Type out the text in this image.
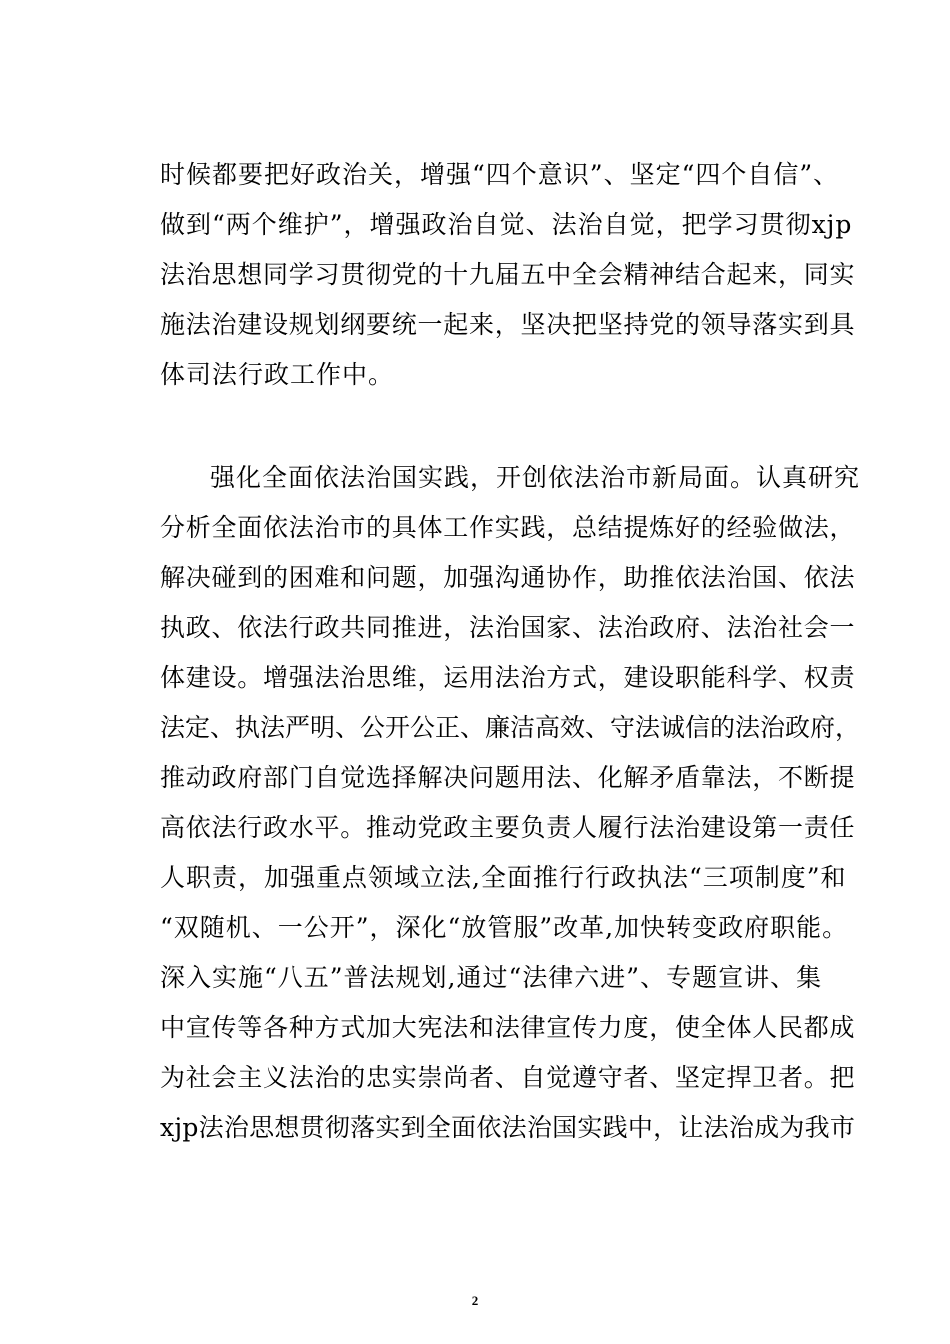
时候都要把好政治关，增强“四个意识”、坚定“四个自信”、
做到“两个维护”，增强政治自觉、法治自觉，把学习贯彻xjp
法治思想同学习贯彻党的十九届五中全会精神结合起来，同实
施法治建设规划纲要统一起来，坚决把坚持党的领导落实到具
体司法行政工作中。
强化全面依法治国实践，开创依法治市新局面。认真研究
分析全面依法治市的具体工作实践，总结提炼好的经验做法，
解决碰到的困难和问题，加强沟通协作，助推依法治国、依法
执政、依法行政共同推进，法治国家、法治政府、法治社会一
体建设。增强法治思维，运用法治方式，建设职能科学、权责
法定、执法严明、公开公正、廉洁高效、守法诚信的法治政府，
推动政府部门自觉选择解决问题用法、化解矛盾靠法，不断提
高依法行政水平。推动党政主要负责人履行法治建设第一责任
人职责，加强重点领域立法,全面推行行政执法“三项制度”和
“双随机、一公开”，深化“放管服”改革,加快转变政府职能。
深入实施“八五”普法规划,通过“法律六进”、专题宣讲、集
中宣传等各种方式加大宪法和法律宣传力度，使全体人民都成
为社会主义法治的忠实崇尚者、自觉遵守者、坚定捍卫者。把
xjp法治思想贯彻落实到全面依法治国实践中，让法治成为我市
2
